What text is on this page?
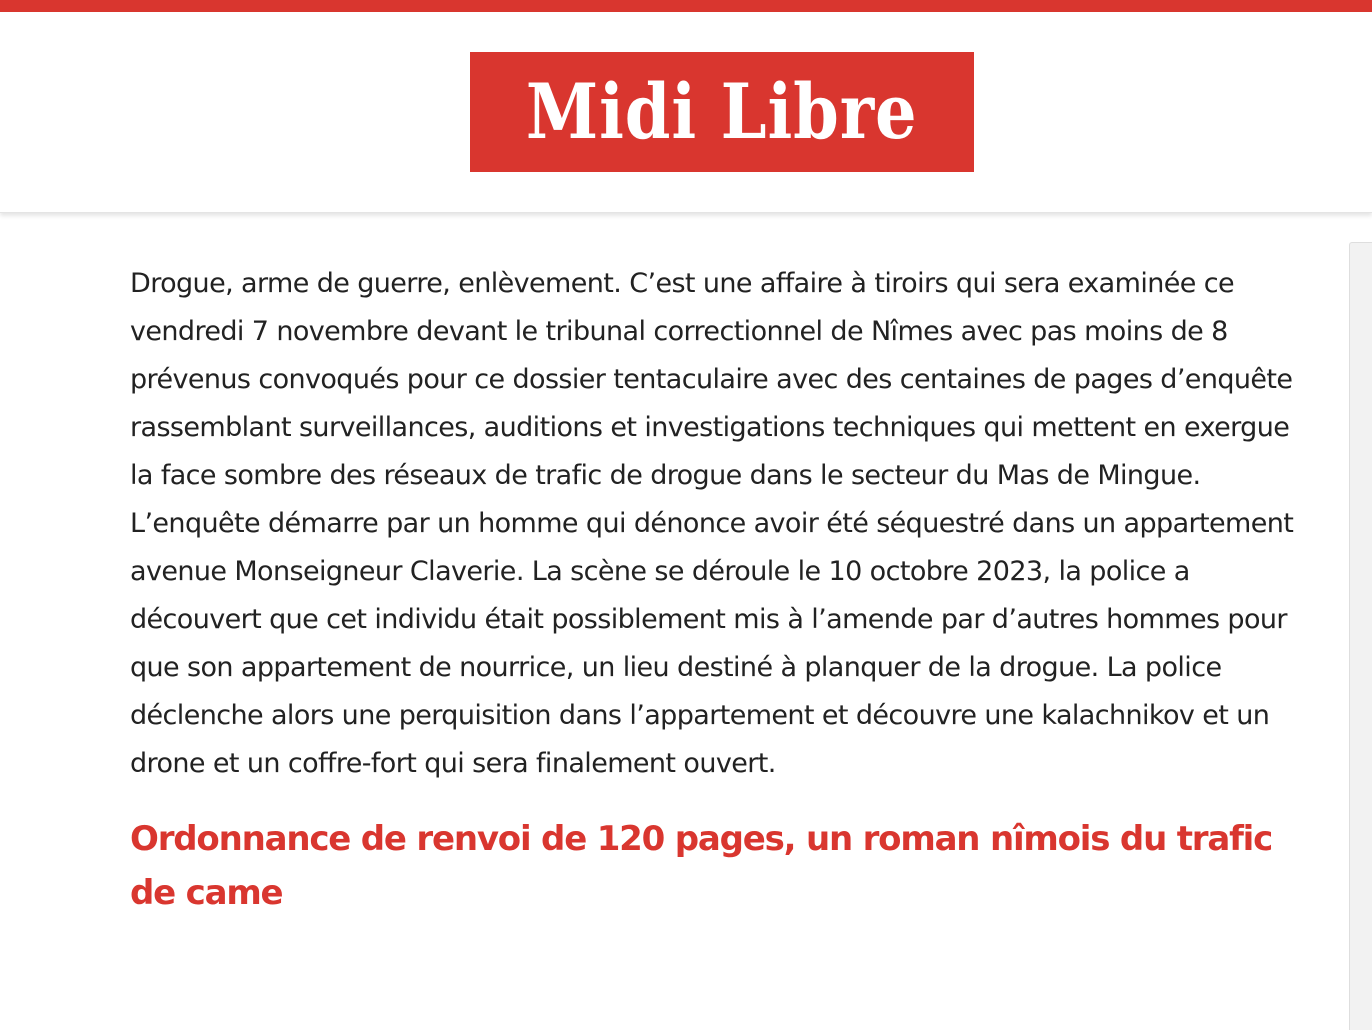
Midi Libre

Drogue, arme de guerre, enlèvement. C’est une affaire à tiroirs qui sera examinée ce vendredi 7 novembre devant le tribunal correctionnel de Nîmes avec pas moins de 8 prévenus convoqués pour ce dossier tentaculaire avec des centaines de pages d’enquête rassemblant surveillances, auditions et investigations techniques qui mettent en exergue la face sombre des réseaux de trafic de drogue dans le secteur du Mas de Mingue. L’enquête démarre par un homme qui dénonce avoir été séquestré dans un appartement avenue Monseigneur Claverie. La scène se déroule le 10 octobre 2023, la police a découvert que cet individu était possiblement mis à l’amende par d’autres hommes pour que son appartement de nourrice, un lieu destiné à planquer de la drogue. La police déclenche alors une perquisition dans l’appartement et découvre une kalachnikov et un drone et un coffre-fort qui sera finalement ouvert.

Ordonnance de renvoi de 120 pages, un roman nîmois du trafic de came
